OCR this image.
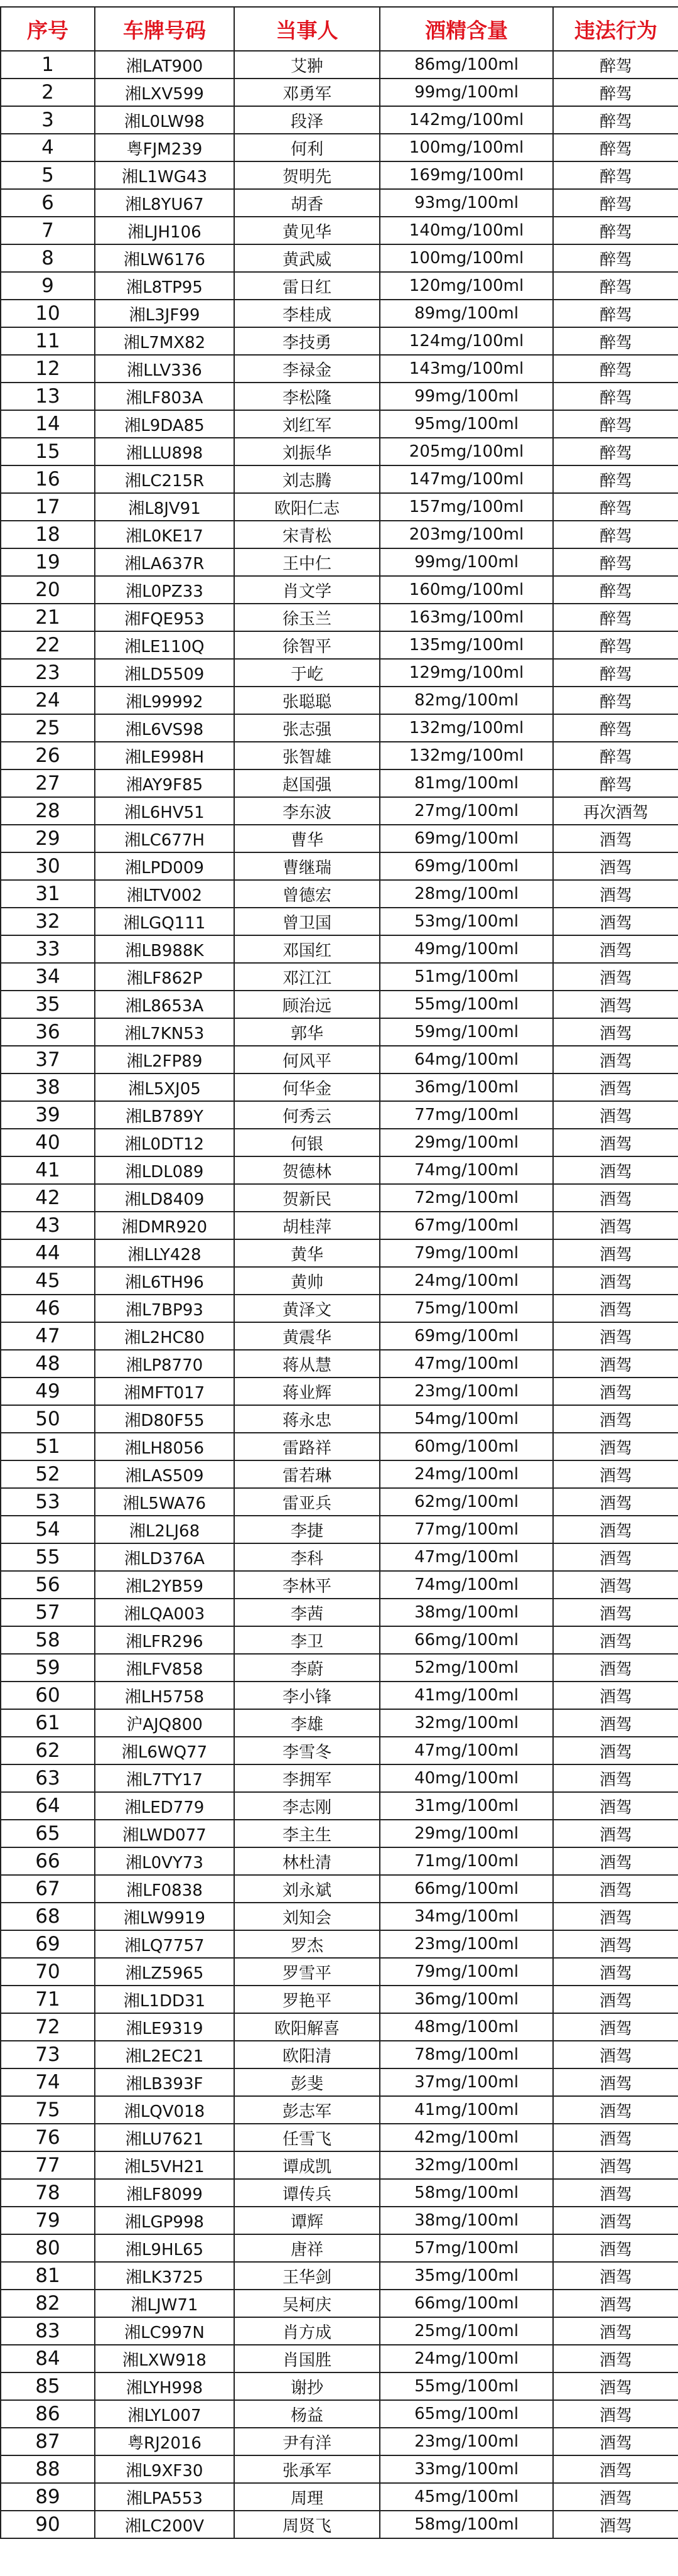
序号	车牌号码	当事人	酒精含量	违法行为
1	湘LAT900	艾翀	86mg/100ml	醉驾
2	湘LXV599	邓勇军	99mg/100ml	醉驾
3	湘L0LW98	段泽	142mg/100ml	醉驾
4	粤FJM239	何利	100mg/100ml	醉驾
5	湘L1WG43	贺明先	169mg/100ml	醉驾
6	湘L8YU67	胡香	93mg/100ml	醉驾
7	湘LJH106	黄见华	140mg/100ml	醉驾
8	湘LW6176	黄武威	100mg/100ml	醉驾
9	湘L8TP95	雷日红	120mg/100ml	醉驾
10	湘L3JF99	李桂成	89mg/100ml	醉驾
11	湘L7MX82	李技勇	124mg/100ml	醉驾
12	湘LLV336	李禄金	143mg/100ml	醉驾
13	湘LF803A	李松隆	99mg/100ml	醉驾
14	湘L9DA85	刘红军	95mg/100ml	醉驾
15	湘LLU898	刘振华	205mg/100ml	醉驾
16	湘LC215R	刘志腾	147mg/100ml	醉驾
17	湘L8JV91	欧阳仁志	157mg/100ml	醉驾
18	湘L0KE17	宋青松	203mg/100ml	醉驾
19	湘LA637R	王中仁	99mg/100ml	醉驾
20	湘L0PZ33	肖文学	160mg/100ml	醉驾
21	湘FQE953	徐玉兰	163mg/100ml	醉驾
22	湘LE110Q	徐智平	135mg/100ml	醉驾
23	湘LD5509	于屹	129mg/100ml	醉驾
24	湘L99992	张聪聪	82mg/100ml	醉驾
25	湘L6VS98	张志强	132mg/100ml	醉驾
26	湘LE998H	张智雄	132mg/100ml	醉驾
27	湘AY9F85	赵国强	81mg/100ml	醉驾
28	湘L6HV51	李东波	27mg/100ml	再次酒驾
29	湘LC677H	曹华	69mg/100ml	酒驾
30	湘LPD009	曹继瑞	69mg/100ml	酒驾
31	湘LTV002	曾德宏	28mg/100ml	酒驾
32	湘LGQ111	曾卫国	53mg/100ml	酒驾
33	湘LB988K	邓国红	49mg/100ml	酒驾
34	湘LF862P	邓江江	51mg/100ml	酒驾
35	湘L8653A	顾治远	55mg/100ml	酒驾
36	湘L7KN53	郭华	59mg/100ml	酒驾
37	湘L2FP89	何风平	64mg/100ml	酒驾
38	湘L5XJ05	何华金	36mg/100ml	酒驾
39	湘LB789Y	何秀云	77mg/100ml	酒驾
40	湘L0DT12	何银	29mg/100ml	酒驾
41	湘LDL089	贺德林	74mg/100ml	酒驾
42	湘LD8409	贺新民	72mg/100ml	酒驾
43	湘DMR920	胡桂萍	67mg/100ml	酒驾
44	湘LLY428	黄华	79mg/100ml	酒驾
45	湘L6TH96	黄帅	24mg/100ml	酒驾
46	湘L7BP93	黄泽文	75mg/100ml	酒驾
47	湘L2HC80	黄震华	69mg/100ml	酒驾
48	湘LP8770	蒋从慧	47mg/100ml	酒驾
49	湘MFT017	蒋业辉	23mg/100ml	酒驾
50	湘D80F55	蒋永忠	54mg/100ml	酒驾
51	湘LH8056	雷路祥	60mg/100ml	酒驾
52	湘LAS509	雷若琳	24mg/100ml	酒驾
53	湘L5WA76	雷亚兵	62mg/100ml	酒驾
54	湘L2LJ68	李捷	77mg/100ml	酒驾
55	湘LD376A	李科	47mg/100ml	酒驾
56	湘L2YB59	李林平	74mg/100ml	酒驾
57	湘LQA003	李茜	38mg/100ml	酒驾
58	湘LFR296	李卫	66mg/100ml	酒驾
59	湘LFV858	李蔚	52mg/100ml	酒驾
60	湘LH5758	李小锋	41mg/100ml	酒驾
61	沪AJQ800	李雄	32mg/100ml	酒驾
62	湘L6WQ77	李雪冬	47mg/100ml	酒驾
63	湘L7TY17	李拥军	40mg/100ml	酒驾
64	湘LED779	李志刚	31mg/100ml	酒驾
65	湘LWD077	李主生	29mg/100ml	酒驾
66	湘L0VY73	林杜清	71mg/100ml	酒驾
67	湘LF0838	刘永斌	66mg/100ml	酒驾
68	湘LW9919	刘知会	34mg/100ml	酒驾
69	湘LQ7757	罗杰	23mg/100ml	酒驾
70	湘LZ5965	罗雪平	79mg/100ml	酒驾
71	湘L1DD31	罗艳平	36mg/100ml	酒驾
72	湘LE9319	欧阳解喜	48mg/100ml	酒驾
73	湘L2EC21	欧阳清	78mg/100ml	酒驾
74	湘LB393F	彭斐	37mg/100ml	酒驾
75	湘LQV018	彭志军	41mg/100ml	酒驾
76	湘LU7621	任雪飞	42mg/100ml	酒驾
77	湘L5VH21	谭成凯	32mg/100ml	酒驾
78	湘LF8099	谭传兵	58mg/100ml	酒驾
79	湘LGP998	谭辉	38mg/100ml	酒驾
80	湘L9HL65	唐祥	57mg/100ml	酒驾
81	湘LK3725	王华剑	35mg/100ml	酒驾
82	湘LJW71	吴柯庆	66mg/100ml	酒驾
83	湘LC997N	肖方成	25mg/100ml	酒驾
84	湘LXW918	肖国胜	24mg/100ml	酒驾
85	湘LYH998	谢抄	55mg/100ml	酒驾
86	湘LYL007	杨益	65mg/100ml	酒驾
87	粤RJ2016	尹有洋	23mg/100ml	酒驾
88	湘L9XF30	张承军	33mg/100ml	酒驾
89	湘LPA553	周理	45mg/100ml	酒驾
90	湘LC200V	周贤飞	58mg/100ml	酒驾
